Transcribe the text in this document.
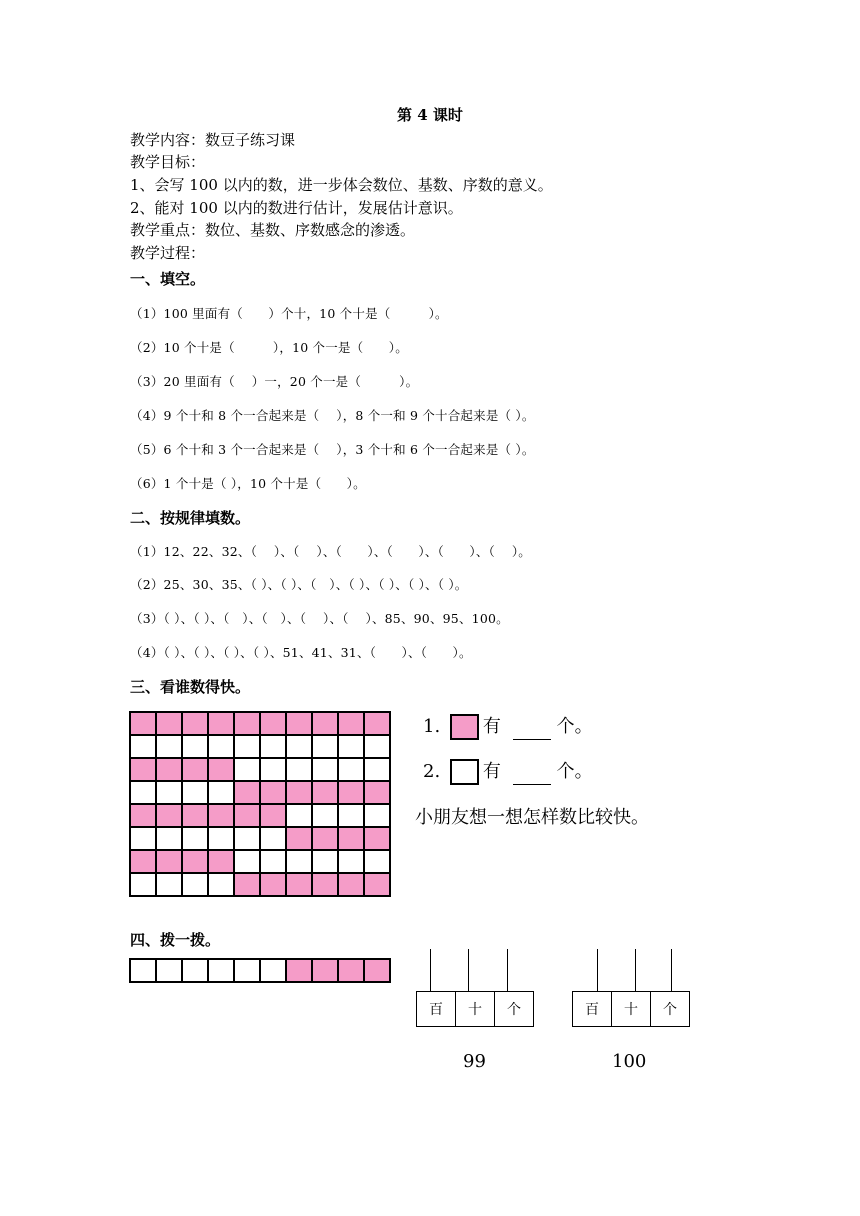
第 4 课时
教学内容：数豆子练习课
教学目标：
1、会写 100 以内的数，进一步体会数位、基数、序数的意义。
2、能对 100 以内的数进行估计，发展估计意识。
教学重点：数位、基数、序数感念的渗透。
教学过程：
一、填空。
（1）100 里面有（　　）个十，10 个十是（　　　）。
（2）10 个十是（　　　），10 个一是（　　）。
（3）20 里面有（　 ）一，20 个一是（　　　）。
（4）9 个十和 8 个一合起来是（　 ），8 个一和 9 个十合起来是（ ）。
（5）6 个十和 3 个一合起来是（　 ），3 个十和 6 个一合起来是（ ）。
（6）1 个十是（ ），10 个十是（　　）。
二、按规律填数。
（1）12、22、32、（　 ）、（　 ）、（　　）、（　　）、（　　）、（　 ）。
（2）25、30、35、（ ）、（ ）、（　）、（ ）、（ ）、（ ）、（ ）。
（3）（ ）、（ ）、（　）、（　）、（　 ）、（　 ）、85、90、95、100。
（4）（ ）、（ ）、（ ）、（ ）、51、41、31、（　　）、（　　）。
三、看谁数得快。

1. 有	个。
2. 有	个。
小朋友想一想怎样数比较快。
四、拨一拨。

百	十	个
99
百	十	个
100
